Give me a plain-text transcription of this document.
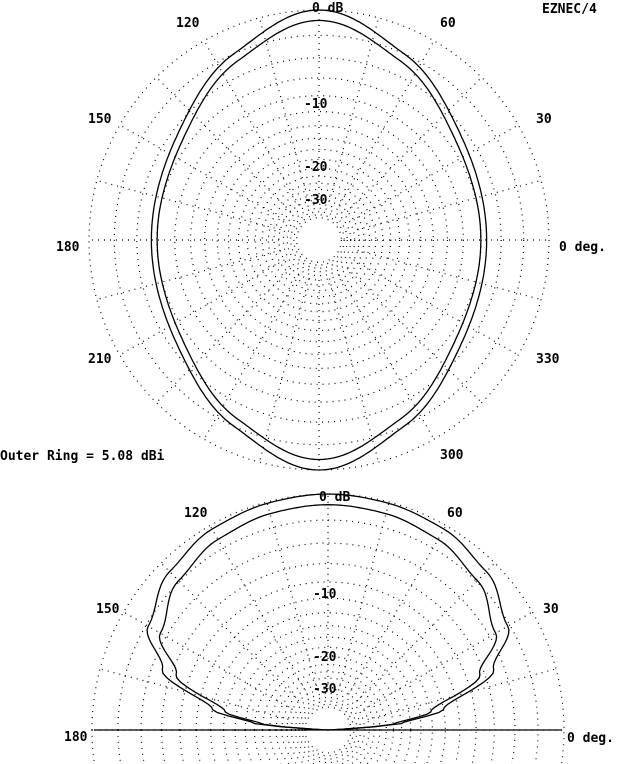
EZNEC/4
Outer Ring = 5.08 dBi
0 dB
-10
-20
-30
0 deg.
30
60
120
150
180
210
300
330
0 dB
-10
-20
-30
0 deg.
30
60
120
150
180
